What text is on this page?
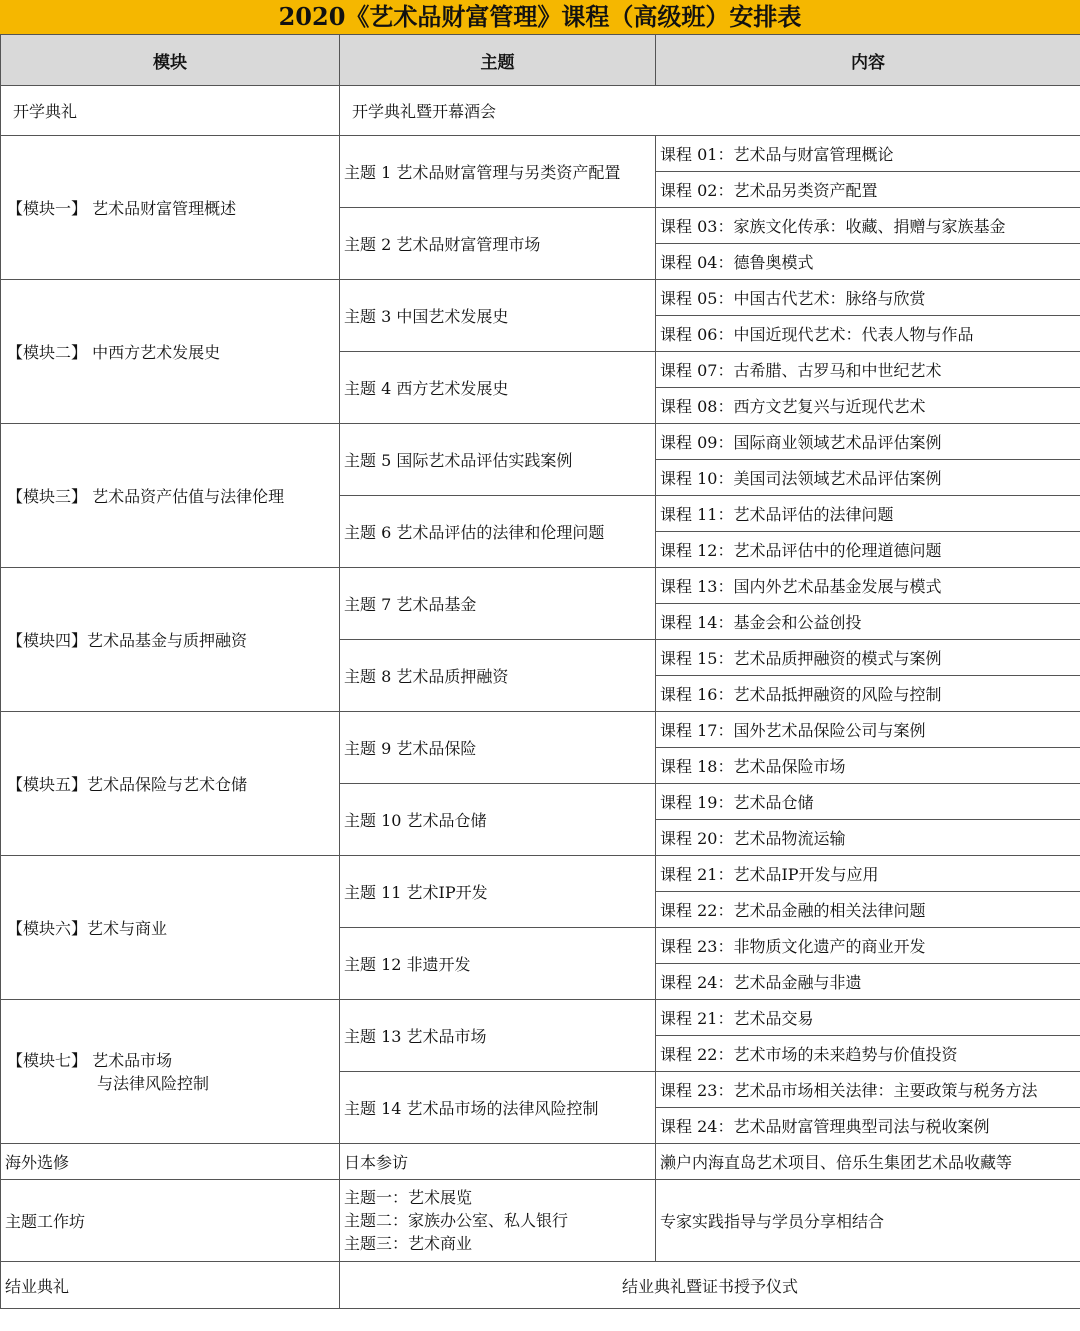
2020《艺术品财富管理》课程（高级班）安排表
模块	主题	内容
开学典礼	开学典礼暨开幕酒会	
【模块一】 艺术品财富管理概述	主题 1 艺术品财富管理与另类资产配置	课程 01：艺术品与财富管理概论
		课程 02：艺术品另类资产配置
	主题 2 艺术品财富管理市场	课程 03：家族文化传承：收藏、捐赠与家族基金
		课程 04：德鲁奥模式
【模块二】 中西方艺术发展史	主题 3 中国艺术发展史	课程 05：中国古代艺术：脉络与欣赏
		课程 06：中国近现代艺术：代表人物与作品
	主题 4 西方艺术发展史	课程 07：古希腊、古罗马和中世纪艺术
		课程 08：西方文艺复兴与近现代艺术
【模块三】 艺术品资产估值与法律伦理	主题 5 国际艺术品评估实践案例	课程 09：国际商业领域艺术品评估案例
		课程 10：美国司法领域艺术品评估案例
	主题 6 艺术品评估的法律和伦理问题	课程 11：艺术品评估的法律问题
		课程 12：艺术品评估中的伦理道德问题
【模块四】艺术品基金与质押融资	主题 7 艺术品基金	课程 13：国内外艺术品基金发展与模式
		课程 14：基金会和公益创投
	主题 8 艺术品质押融资	课程 15：艺术品质押融资的模式与案例
		课程 16：艺术品抵押融资的风险与控制
【模块五】艺术品保险与艺术仓储	主题 9 艺术品保险	课程 17：国外艺术品保险公司与案例
		课程 18：艺术品保险市场
	主题 10 艺术品仓储	课程 19：艺术品仓储
		课程 20：艺术品物流运输
【模块六】艺术与商业	主题 11 艺术IP开发	课程 21：艺术品IP开发与应用
		课程 22：艺术品金融的相关法律问题
	主题 12 非遗开发	课程 23：非物质文化遗产的商业开发
		课程 24：艺术品金融与非遗
【模块七】 艺术品市场
与法律风险控制	主题 13 艺术品市场	课程 21：艺术品交易
		课程 22：艺术市场的未来趋势与价值投资
	主题 14 艺术品市场的法律风险控制	课程 23：艺术品市场相关法律：主要政策与税务方法
		课程 24：艺术品财富管理典型司法与税收案例
海外选修	日本参访	濑户内海直岛艺术项目、倍乐生集团艺术品收藏等
主题工作坊	主题一：艺术展览
主题二：家族办公室、私人银行
主题三：艺术商业	专家实践指导与学员分享相结合
结业典礼	结业典礼暨证书授予仪式	
